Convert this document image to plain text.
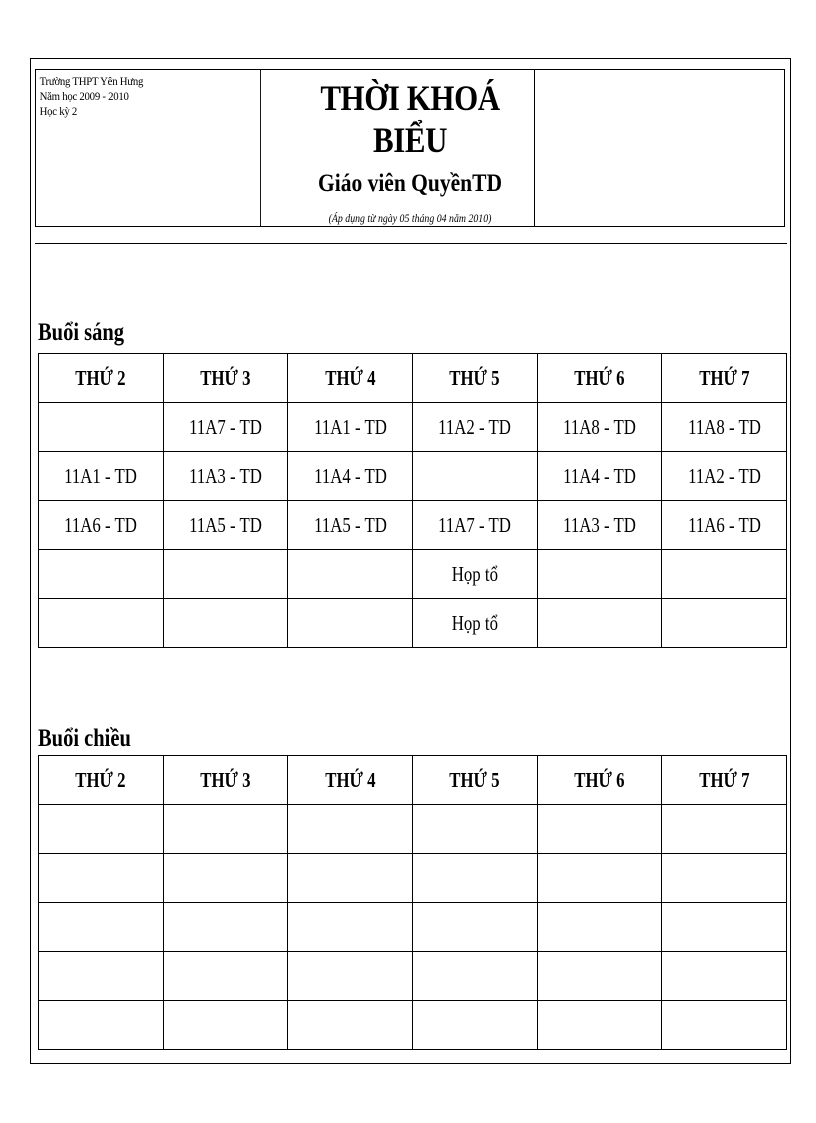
Trường THPT Yên Hưng
Năm học 2009 - 2010
Học kỳ 2	THỜI KHOÁ BIỂU
Giáo viên QuyềnTD
(Áp dụng từ ngày 05 tháng 04 năm 2010)
Buổi sáng
THỨ 2	THỨ 3	THỨ 4	THỨ 5	THỨ 6	THỨ 7
	11A7 - TD	11A1 - TD	11A2 - TD	11A8 - TD	11A8 - TD
11A1 - TD	11A3 - TD	11A4 - TD		11A4 - TD	11A2 - TD
11A6 - TD	11A5 - TD	11A5 - TD	11A7 - TD	11A3 - TD	11A6 - TD
			Họp tổ		
			Họp tổ		
Buổi chiều
THỨ 2	THỨ 3	THỨ 4	THỨ 5	THỨ 6	THỨ 7
